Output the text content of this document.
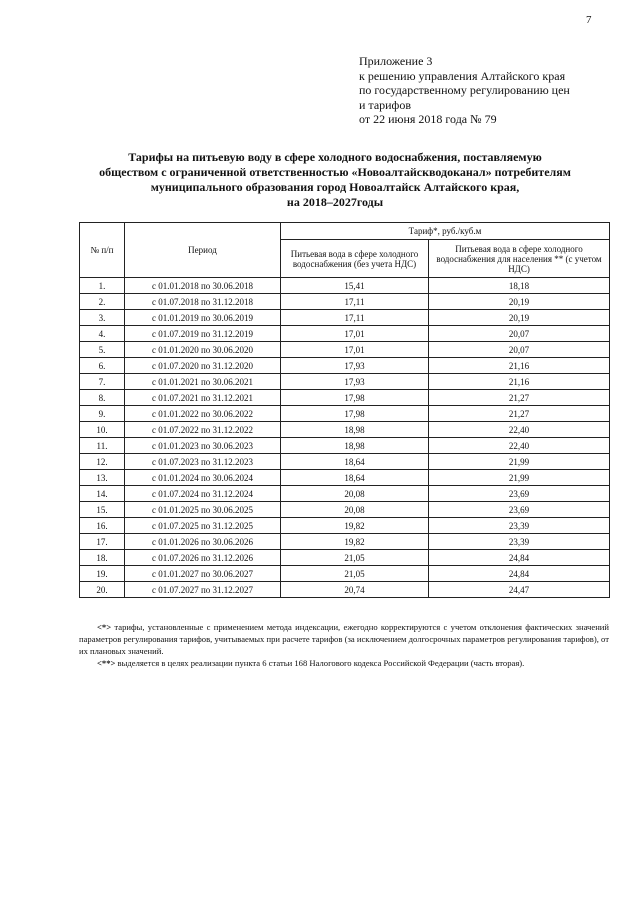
7
Приложение 3
к решению управления Алтайского края
по государственному регулированию цен
и тарифов
от 22 июня 2018 года № 79
Тарифы на питьевую воду в сфере холодного водоснабжения, поставляемую
обществом с ограниченной ответственностью «Новоалтайскводоканал» потребителям
муниципального образования город Новоалтайск Алтайского края,
на 2018–2027годы
№ п/п	Период	Тариф*, руб./куб.м	
		Питьевая вода в сфере холодного водоснабжения (без учета НДС)	Питьевая вода в сфере холодного водоснабжения для населения ** (с учетом НДС)
1.	с 01.01.2018 по 30.06.2018	15,41	18,18
2.	с 01.07.2018 по 31.12.2018	17,11	20,19
3.	с 01.01.2019 по 30.06.2019	17,11	20,19
4.	с 01.07.2019 по 31.12.2019	17,01	20,07
5.	с 01.01.2020 по 30.06.2020	17,01	20,07
6.	с 01.07.2020 по 31.12.2020	17,93	21,16
7.	с 01.01.2021 по 30.06.2021	17,93	21,16
8.	с 01.07.2021 по 31.12.2021	17,98	21,27
9.	с 01.01.2022 по 30.06.2022	17,98	21,27
10.	с 01.07.2022 по 31.12.2022	18,98	22,40
11.	с 01.01.2023 по 30.06.2023	18,98	22,40
12.	с 01.07.2023 по 31.12.2023	18,64	21,99
13.	с 01.01.2024 по 30.06.2024	18,64	21,99
14.	с 01.07.2024 по 31.12.2024	20,08	23,69
15.	с 01.01.2025 по 30.06.2025	20,08	23,69
16.	с 01.07.2025 по 31.12.2025	19,82	23,39
17.	с 01.01.2026 по 30.06.2026	19,82	23,39
18.	с 01.07.2026 по 31.12.2026	21,05	24,84
19.	с 01.01.2027 по 30.06.2027	21,05	24,84
20.	с 01.07.2027 по 31.12.2027	20,74	24,47

<*> тарифы, установленные с применением метода индексации, ежегодно корректируются с учетом отклонения фактических значений параметров регулирования тарифов, учитываемых при расчете тарифов (за исключением долгосрочных параметров регулирования тарифов), от их плановых значений.

<**> выделяется в целях реализации пункта 6 статьи 168 Налогового кодекса Российской Федерации (часть вторая).
